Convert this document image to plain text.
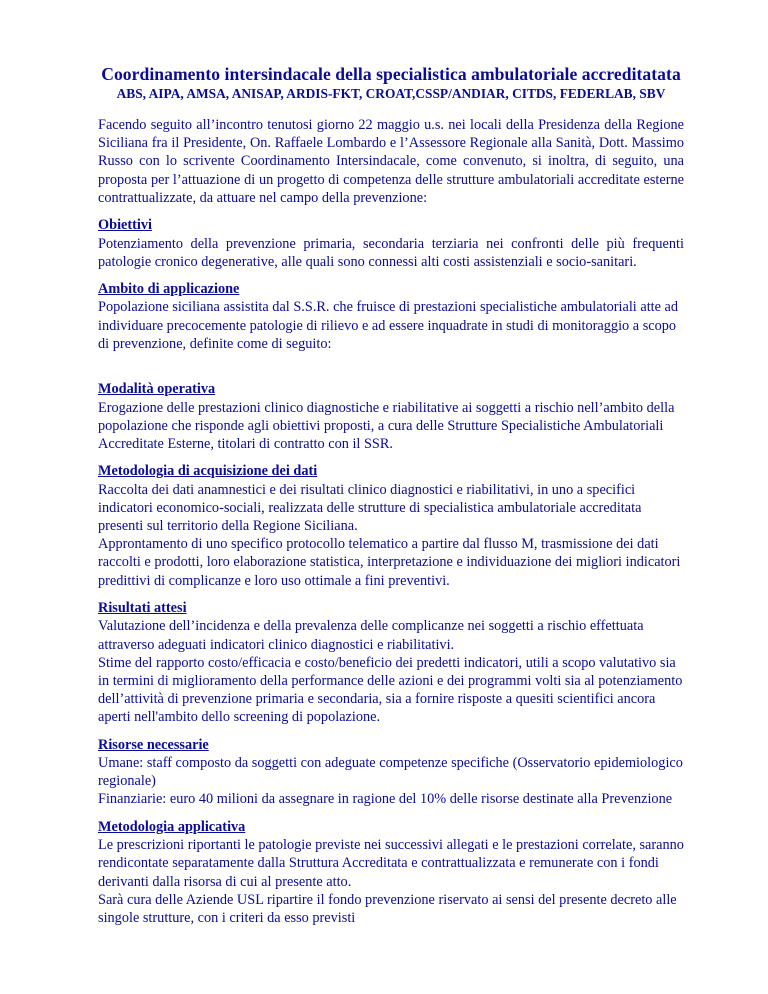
Coordinamento intersindacale della specialistica ambulatoriale accreditatata
ABS, AIPA, AMSA, ANISAP, ARDIS-FKT, CROAT,CSSP/ANDIAR, CITDS, FEDERLAB, SBV

Facendo seguito all’incontro tenutosi giorno 22 maggio u.s. nei locali della Presidenza della Regione Siciliana fra il Presidente, On. Raffaele Lombardo e l’Assessore Regionale alla Sanità, Dott. Massimo Russo con lo scrivente Coordinamento Intersindacale, come convenuto, si inoltra, di seguito, una proposta per l’attuazione di un progetto di competenza delle strutture ambulatoriali accreditate esterne contrattualizzate, da attuare nel campo della prevenzione:

Obiettivi

Potenziamento della prevenzione primaria, secondaria terziaria nei confronti delle più frequenti patologie cronico degenerative, alle quali sono connessi alti costi assistenziali e socio-sanitari.

Ambito di applicazione

Popolazione siciliana assistita dal S.S.R. che fruisce di prestazioni specialistiche ambulatoriali atte ad individuare precocemente patologie di rilievo e ad essere inquadrate in studi di monitoraggio a scopo di prevenzione, definite come di seguito:

Modalità operativa

Erogazione delle prestazioni clinico diagnostiche e riabilitative ai soggetti a rischio nell’ambito della popolazione che risponde agli obiettivi proposti, a cura delle Strutture Specialistiche Ambulatoriali Accreditate Esterne, titolari di contratto con il SSR.

Metodologia di acquisizione dei dati

Raccolta dei dati anamnestici e dei risultati clinico diagnostici e riabilitativi, in uno a specifici indicatori economico-sociali, realizzata delle strutture di specialistica ambulatoriale accreditata presenti sul territorio della Regione Siciliana.

Approntamento di uno specifico protocollo telematico a partire dal flusso M, trasmissione dei dati raccolti e prodotti, loro elaborazione statistica, interpretazione e individuazione dei migliori indicatori predittivi di complicanze e loro uso ottimale a fini preventivi.

Risultati attesi

Valutazione dell’incidenza e della prevalenza delle complicanze nei soggetti a rischio effettuata attraverso adeguati indicatori clinico diagnostici e riabilitativi.

Stime del rapporto costo/efficacia e costo/beneficio dei predetti indicatori, utili a scopo valutativo sia in termini di miglioramento della performance delle azioni e dei programmi volti sia al potenziamento dell’attività di prevenzione primaria e secondaria, sia a fornire risposte a quesiti scientifici ancora aperti nell'ambito dello screening di popolazione.

Risorse necessarie

Umane: staff composto da soggetti con adeguate competenze specifiche (Osservatorio epidemiologico regionale)

Finanziarie: euro 40 milioni da assegnare in ragione del 10% delle risorse destinate alla Prevenzione

Metodologia applicativa

Le prescrizioni riportanti le patologie previste nei successivi allegati e le prestazioni correlate, saranno rendicontate separatamente dalla Struttura Accreditata e contrattualizzata e remunerate con i fondi derivanti dalla risorsa di cui al presente atto.

Sarà cura delle Aziende USL ripartire il fondo prevenzione riservato ai sensi del presente decreto alle singole strutture, con i criteri da esso previsti
